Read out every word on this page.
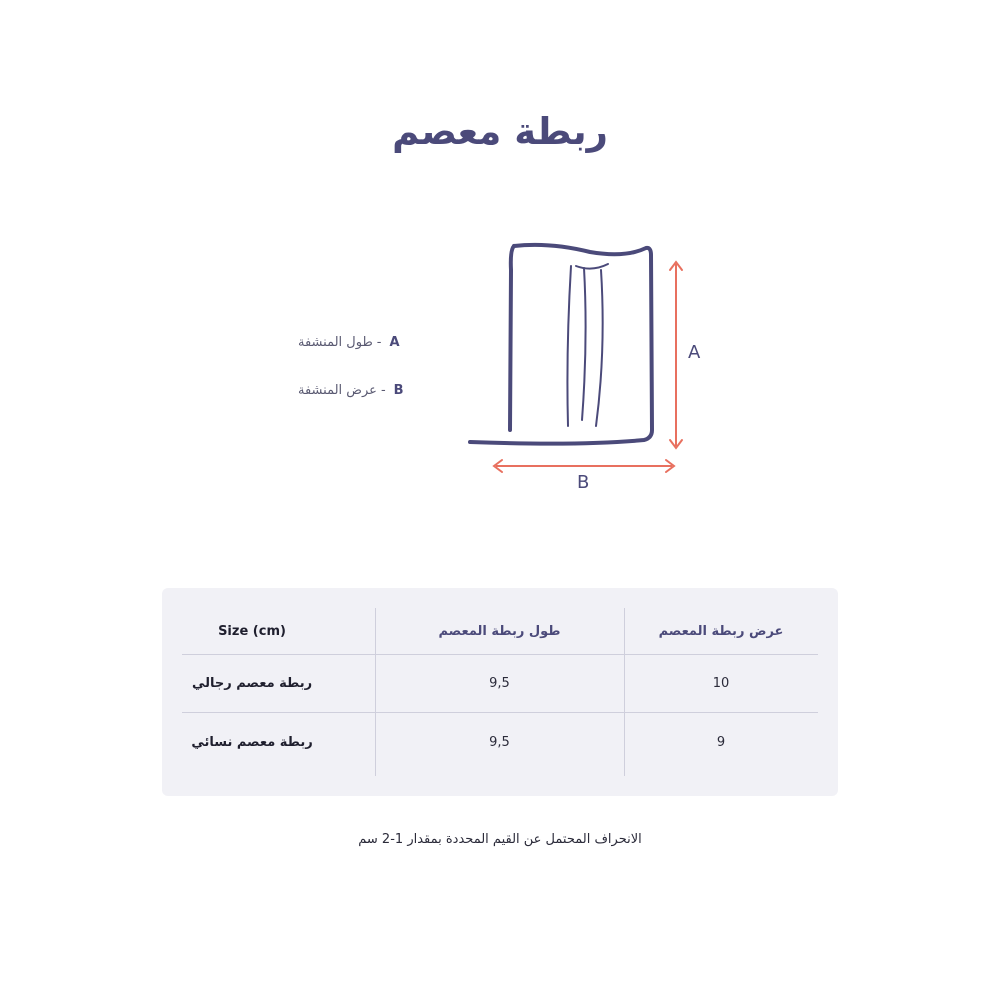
ربطة معصم
A
-
طول المنشفة
B
-
عرض المنشفة
A
B
Size (cm)	طول ربطة المعصم	عرض ربطة المعصم
ربطة معصم رجالي	9,5	10
ربطة معصم نسائي	9,5	9
الانحراف المحتمل عن القيم المحددة بمقدار 1-2 سم
